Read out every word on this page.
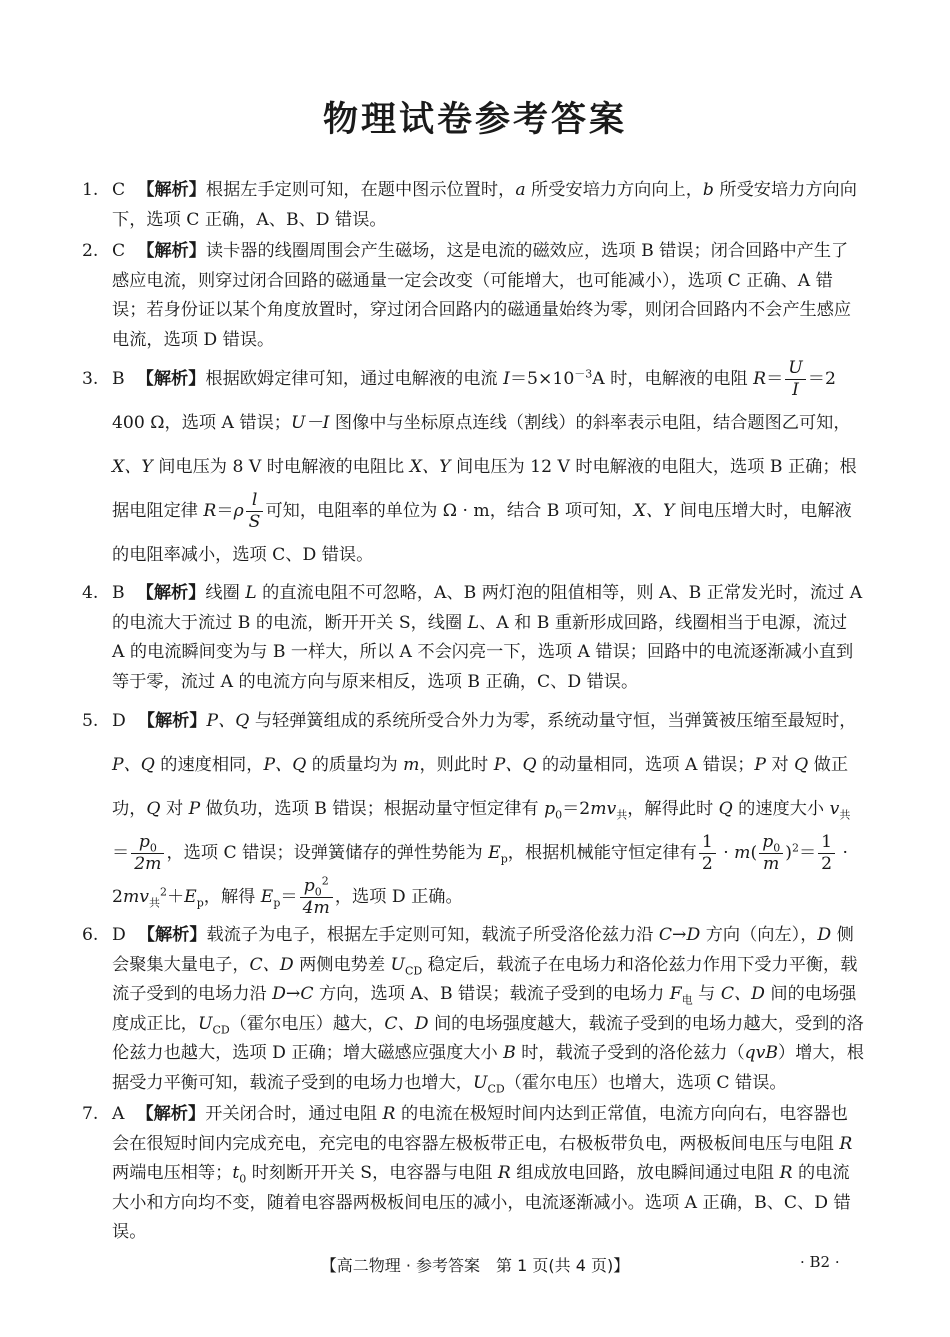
物理试卷参考答案
1. C 【解析】根据左手定则可知，在题中图示位置时，a 所受安培力方向向上，b 所受安培力方向向下，选项 C 正确，A、B、D 错误。
2. C 【解析】读卡器的线圈周围会产生磁场，这是电流的磁效应，选项 B 错误；闭合回路中产生了感应电流，则穿过闭合回路的磁通量一定会改变（可能增大，也可能减小），选项 C 正确、A 错误；若身份证以某个角度放置时，穿过闭合回路内的磁通量始终为零，则闭合回路内不会产生感应电流，选项 D 错误。
3. B 【解析】根据欧姆定律可知，通过电解液的电流 $I=5\times 10^{-3}A$ 时，电解液的电阻 $R= \frac{U}{I} =2$ 400 Ω，选项 A 错误；U－I 图像中与坐标原点连线（割线）的斜率表示电阻，结合题图乙可知，X、Y 间电压为 8 V 时电解液的电阻比 X、Y 间电压为 12 V 时电解液的电阻大，选项 B 正确；根据电阻定律 $R=\rho \frac{l}{S}$ 可知，电阻率的单位为 Ω · m，结合 B 项可知，X、Y 间电压增大时，电解液的电阻率减小，选项 C、D 错误。
4. B 【解析】线圈 L 的直流电阻不可忽略，A、B 两灯泡的阻值相等，则 A、B 正常发光时，流过 A 的电流大于流过 B 的电流，断开开关 S，线圈 L、A 和 B 重新形成回路，线圈相当于电源，流过 A 的电流瞬间变为与 B 一样大，所以 A 不会闪亮一下，选项 A 错误；回路中的电流逐渐减小直到等于零，流过 A 的电流方向与原来相反，选项 B 正确，C、D 错误。
5. D 【解析】P、Q 与轻弹簧组成的系统所受合外力为零，系统动量守恒，当弹簧被压缩至最短时，P、Q 的速度相同，P、Q 的质量均为 m，则此时 P、Q 的动量相同，选项 A 错误；P 对 Q 做正功，Q 对 P 做负功，选项 B 错误；根据动量守恒定律有 $p_0=2mv_共$，解得此时 Q 的速度大小 $v_共= \frac{p_0}{2m}$ ，选项 C 错误；设弹簧储存的弹性势能为 $E_p$，根据机械能守恒定律有 $\frac{1}{2} \cdot m( \frac{p_0}{m} )^2= \frac{1}{2} \cdot 2mv_共^2+E_p$，解得 $E_p= \frac{p_0^2}{4m}$ ，选项 D 正确。
6. D 【解析】载流子为电子，根据左手定则可知，载流子所受洛伦兹力沿 C→D 方向（向左），D 侧会聚集大量电子，C、D 两侧电势差 $U_{CD}$ 稳定后，载流子在电场力和洛伦兹力作用下受力平衡，载流子受到的电场力沿 D→C 方向，选项 A、B 错误；载流子受到的电场力 $F_电$ 与 C、D 间的电场强度成正比，$U_{CD}$（霍尔电压）越大，C、D 间的电场强度越大，载流子受到的电场力越大，受到的洛伦兹力也越大，选项 D 正确；增大磁感应强度大小 B 时，载流子受到的洛伦兹力（qvB）增大，根据受力平衡可知，载流子受到的电场力也增大，$U_{CD}$（霍尔电压）也增大，选项 C 错误。
7. A 【解析】开关闭合时，通过电阻 R 的电流在极短时间内达到正常值，电流方向向右，电容器也会在很短时间内完成充电，充完电的电容器左极板带正电，右极板带负电，两极板间电压与电阻 R 两端电压相等；$t_0$ 时刻断开开关 S，电容器与电阻 R 组成放电回路，放电瞬间通过电阻 R 的电流大小和方向均不变，随着电容器两极板间电压的减小，电流逐渐减小。选项 A 正确，B、C、D 错误。
【高二物理 · 参考答案　第 1 页(共 4 页)】	· B2 ·
